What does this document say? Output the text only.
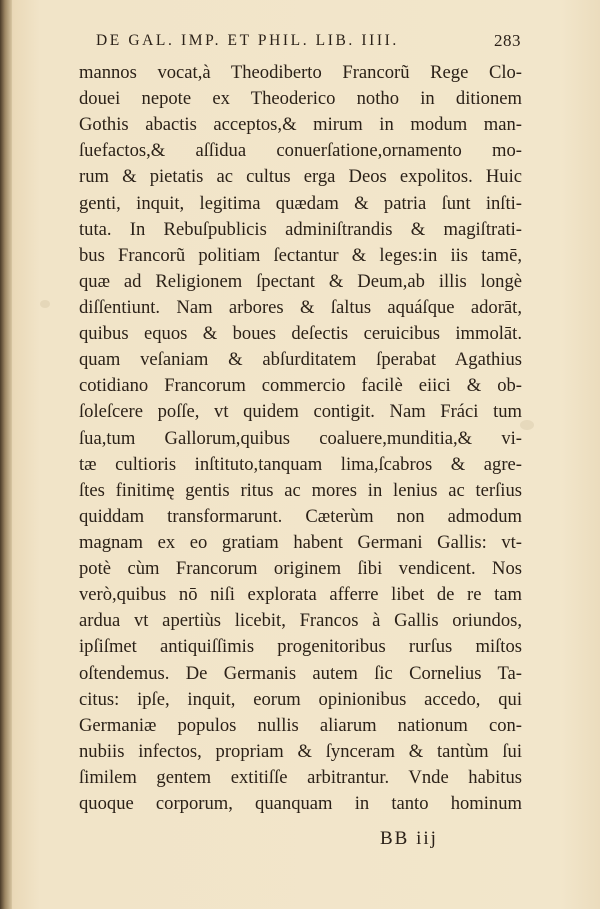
DE GAL. IMP. ET PHIL. LIB. IIII.	283
mannos vocat,à Theodiberto Francorũ Rege Clo-
douei nepote ex Theoderico notho in ditionem
Gothis abactis acceptos,& mirum in modum man-
ſuefactos,& aſſidua conuerſatione,ornamento mo-
rum & pietatis ac cultus erga Deos expolitos. Huic
genti, inquit, legitima quædam & patria ſunt inſti-
tuta. In Rebuſpublicis adminiſtrandis & magiſtrati-
bus Francorũ politiam ſectantur & leges:in iis tamē,
quæ ad Religionem ſpectant & Deum,ab illis longè
diſſentiunt. Nam arbores & ſaltus aquáſque adorāt,
quibus equos & boues deſectis ceruicibus immolāt.
quam veſaniam & abſurditatem ſperabat Agathius
cotidiano Francorum commercio facilè eiici & ob-
ſoleſcere poſſe, vt quidem contigit. Nam Fráci tum
ſua,tum Gallorum,quibus coaluere,munditia,& vi-
tæ cultioris inſtituto,tanquam lima,ſcabros & agre-
ſtes finitimę gentis ritus ac mores in lenius ac terſius
quiddam transformarunt. Cæterùm non admodum
magnam ex eo gratiam habent Germani Gallis: vt-
potè cùm Francorum originem ſibi vendicent. Nos
verò,quibus nō niſi explorata afferre libet de re tam
ardua vt apertiùs licebit, Francos à Gallis oriundos,
ipſiſmet antiquiſſimis progenitoribus rurſus miſtos
oſtendemus. De Germanis autem ſic Cornelius Ta-
citus: ipſe, inquit, eorum opinionibus accedo, qui
Germaniæ populos nullis aliarum nationum con-
nubiis infectos, propriam & ſynceram & tantùm ſui
ſimilem gentem extitiſſe arbitrantur. Vnde habitus
quoque corporum, quanquam in tanto hominum
BB iij
